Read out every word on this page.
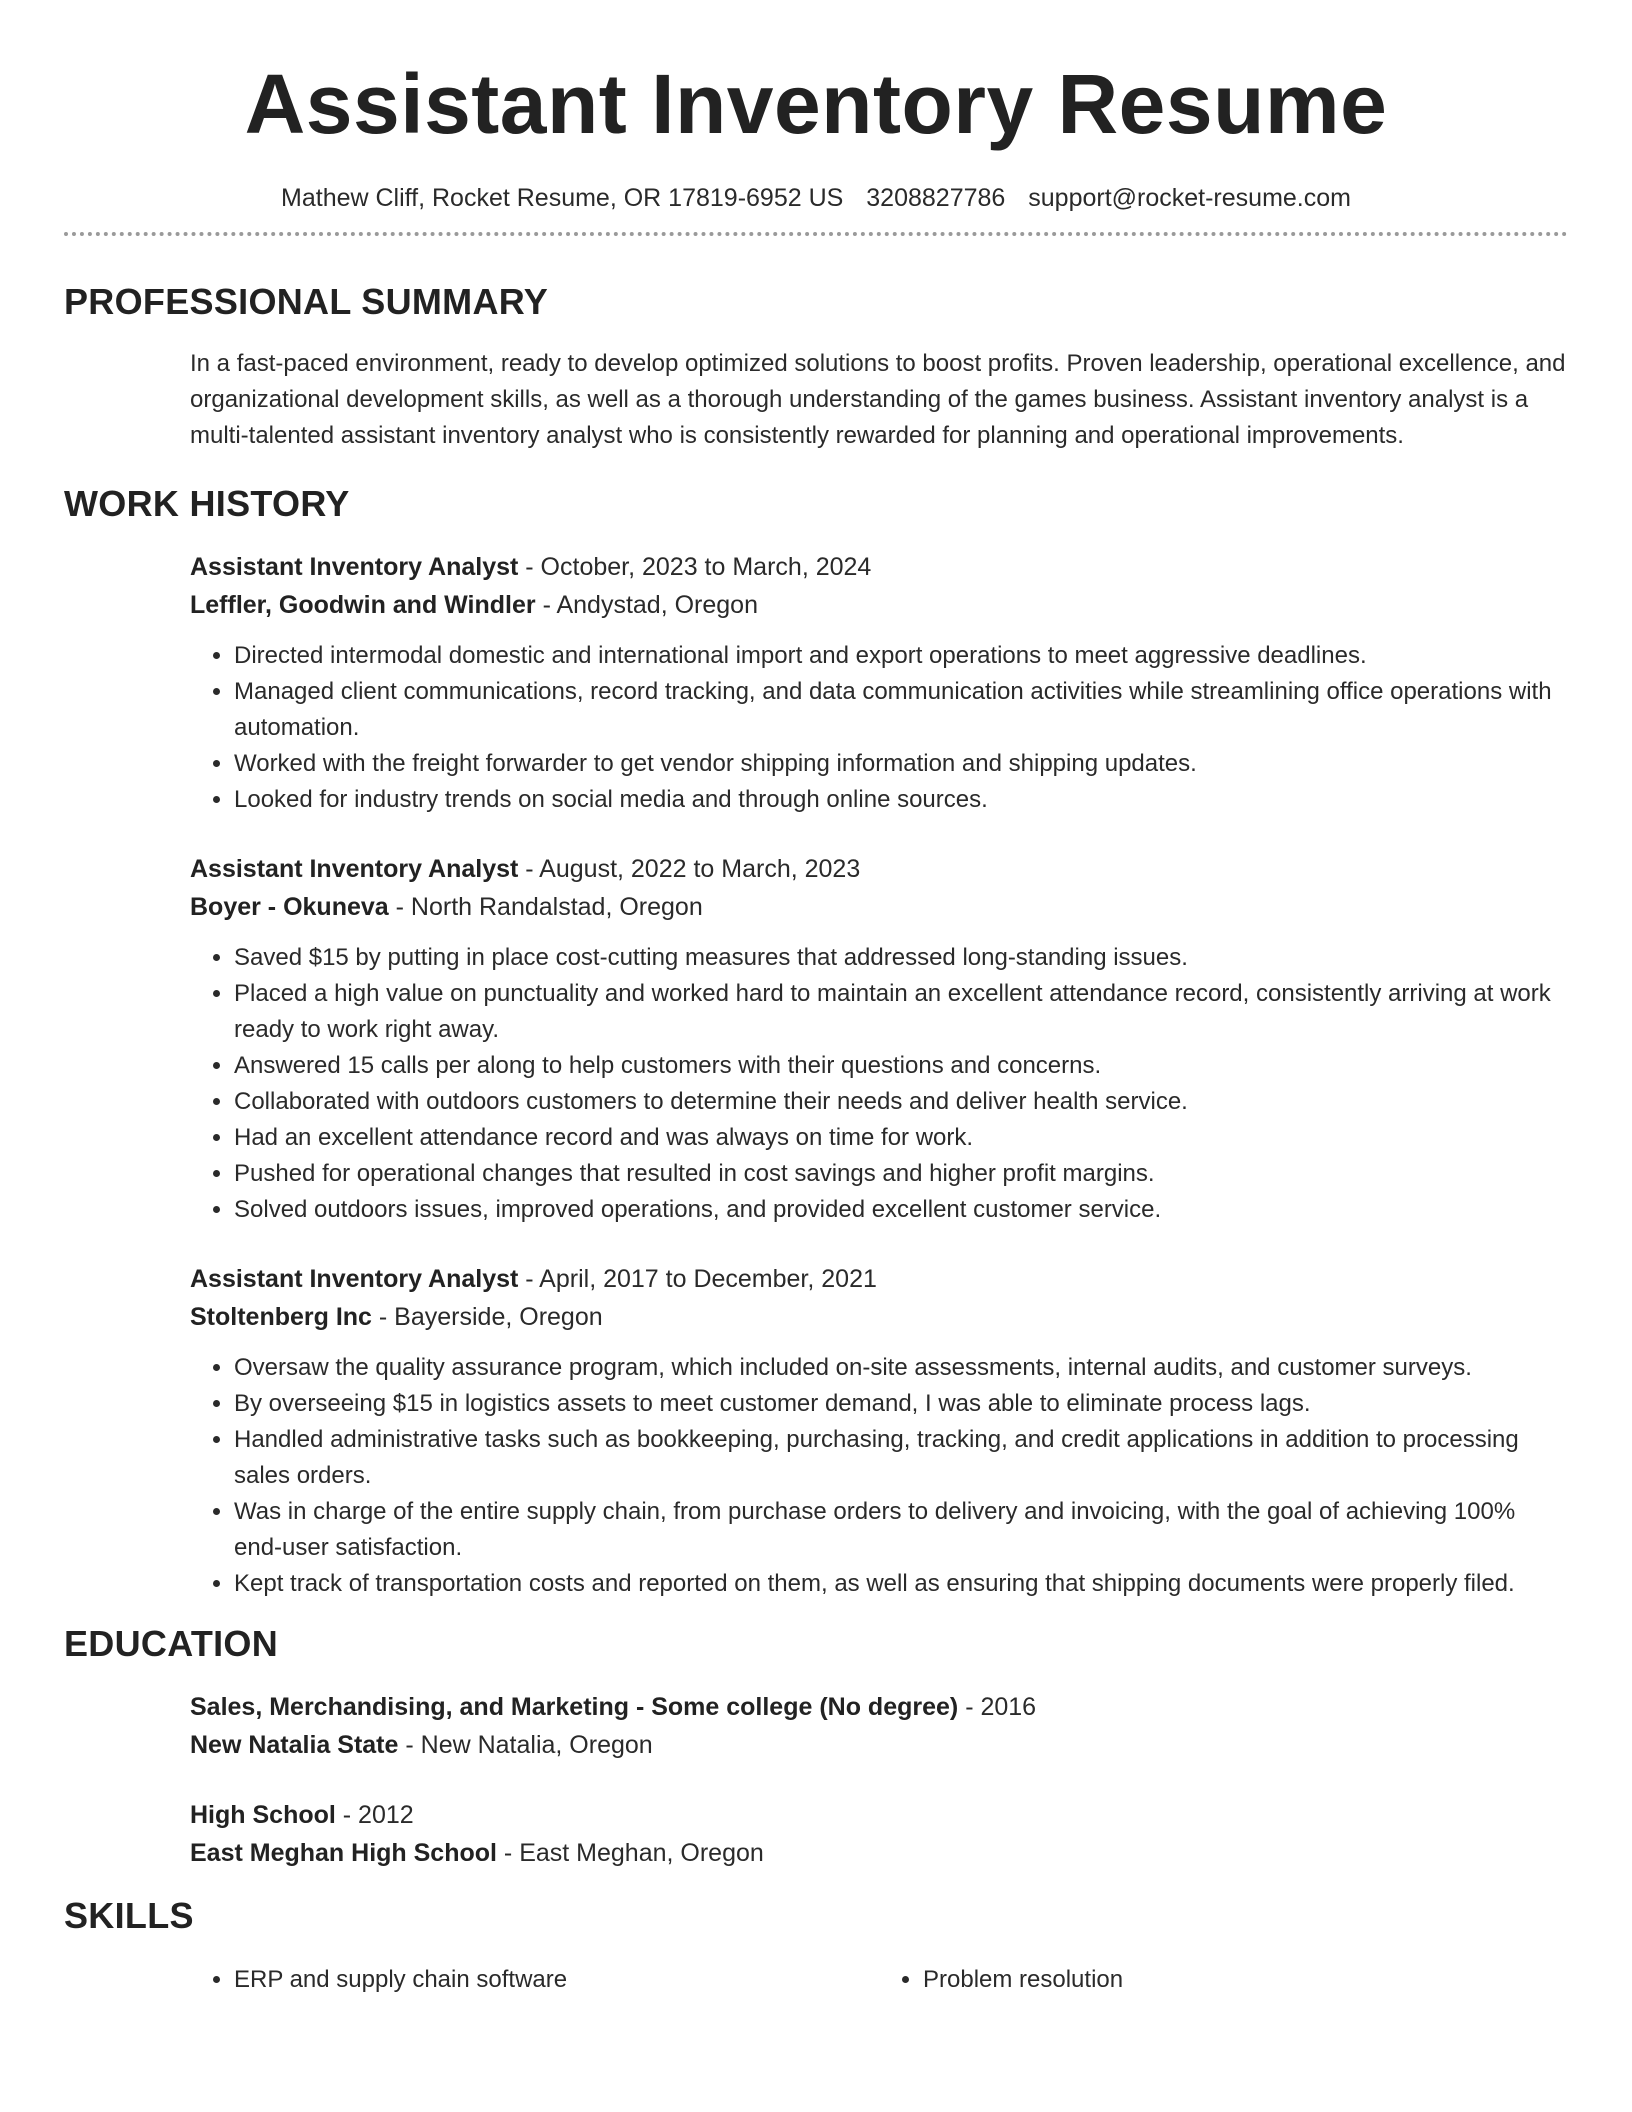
Assistant Inventory Resume
Mathew Cliff, Rocket Resume, OR 17819-6952 US 3208827786 support@rocket-resume.com
PROFESSIONAL SUMMARY
In a fast-paced environment, ready to develop optimized solutions to boost profits. Proven leadership, operational excellence, and organizational development skills, as well as a thorough understanding of the games business. Assistant inventory analyst is a multi-talented assistant inventory analyst who is consistently rewarded for planning and operational improvements.
WORK HISTORY
Assistant Inventory Analyst - October, 2023 to March, 2024
Leffler, Goodwin and Windler - Andystad, Oregon
• Directed intermodal domestic and international import and export operations to meet aggressive deadlines.
• Managed client communications, record tracking, and data communication activities while streamlining office operations with automation.
• Worked with the freight forwarder to get vendor shipping information and shipping updates.
• Looked for industry trends on social media and through online sources.
Assistant Inventory Analyst - August, 2022 to March, 2023
Boyer - Okuneva - North Randalstad, Oregon
• Saved $15 by putting in place cost-cutting measures that addressed long-standing issues.
• Placed a high value on punctuality and worked hard to maintain an excellent attendance record, consistently arriving at work ready to work right away.
• Answered 15 calls per along to help customers with their questions and concerns.
• Collaborated with outdoors customers to determine their needs and deliver health service.
• Had an excellent attendance record and was always on time for work.
• Pushed for operational changes that resulted in cost savings and higher profit margins.
• Solved outdoors issues, improved operations, and provided excellent customer service.
Assistant Inventory Analyst - April, 2017 to December, 2021
Stoltenberg Inc - Bayerside, Oregon
• Oversaw the quality assurance program, which included on-site assessments, internal audits, and customer surveys.
• By overseeing $15 in logistics assets to meet customer demand, I was able to eliminate process lags.
• Handled administrative tasks such as bookkeeping, purchasing, tracking, and credit applications in addition to processing sales orders.
• Was in charge of the entire supply chain, from purchase orders to delivery and invoicing, with the goal of achieving 100% end-user satisfaction.
• Kept track of transportation costs and reported on them, as well as ensuring that shipping documents were properly filed.
EDUCATION
Sales, Merchandising, and Marketing - Some college (No degree) - 2016
New Natalia State - New Natalia, Oregon
High School - 2012
East Meghan High School - East Meghan, Oregon
SKILLS
• ERP and supply chain software
•	Problem resolution
